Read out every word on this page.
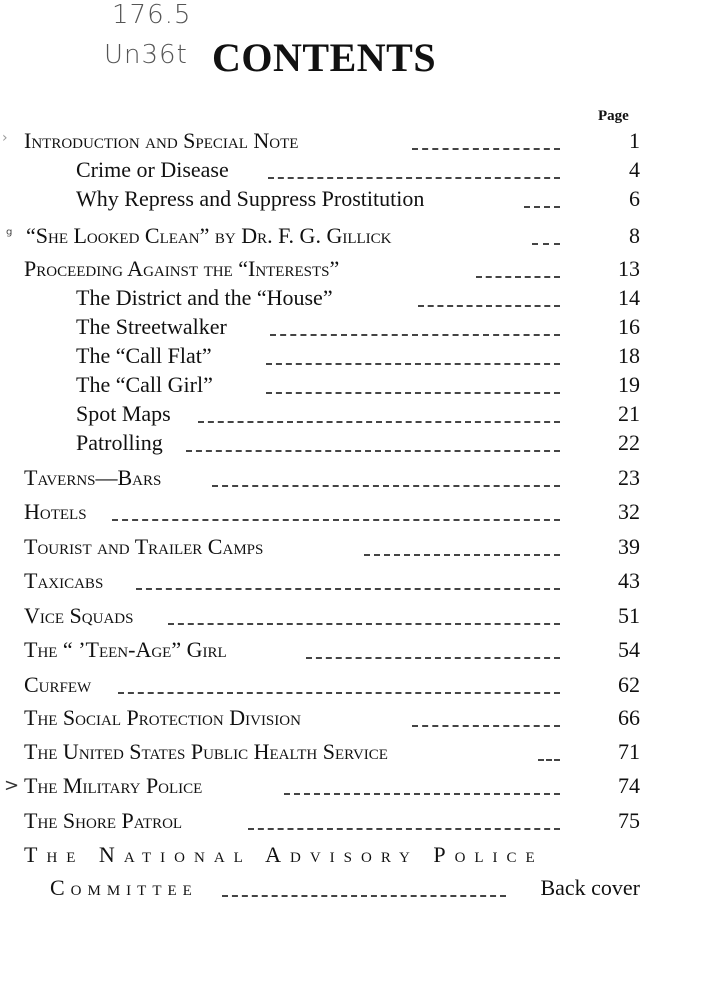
176.5
Un36t CONTENTS
Page
Introduction and Special Note	1
Crime or Disease	4
Why Repress and Suppress Prostitution	6
“She Looked Clean” by Dr. F. G. Gillick	8
Proceeding Against the “Interests”	13
The District and the “House”	14
The Streetwalker	16
The “Call Flat”	18
The “Call Girl”	19
Spot Maps	21
Patrolling	22
Taverns—Bars	23
Hotels	32
Tourist and Trailer Camps	39
Taxicabs	43
Vice Squads	51
The “ ’Teen-Age” Girl	54
Curfew	62
The Social Protection Division	66
The United States Public Health Service	71
The Military Police	74
The Shore Patrol	75
The National Advisory Police
Committee	Back cover
›
>
ᵍ
